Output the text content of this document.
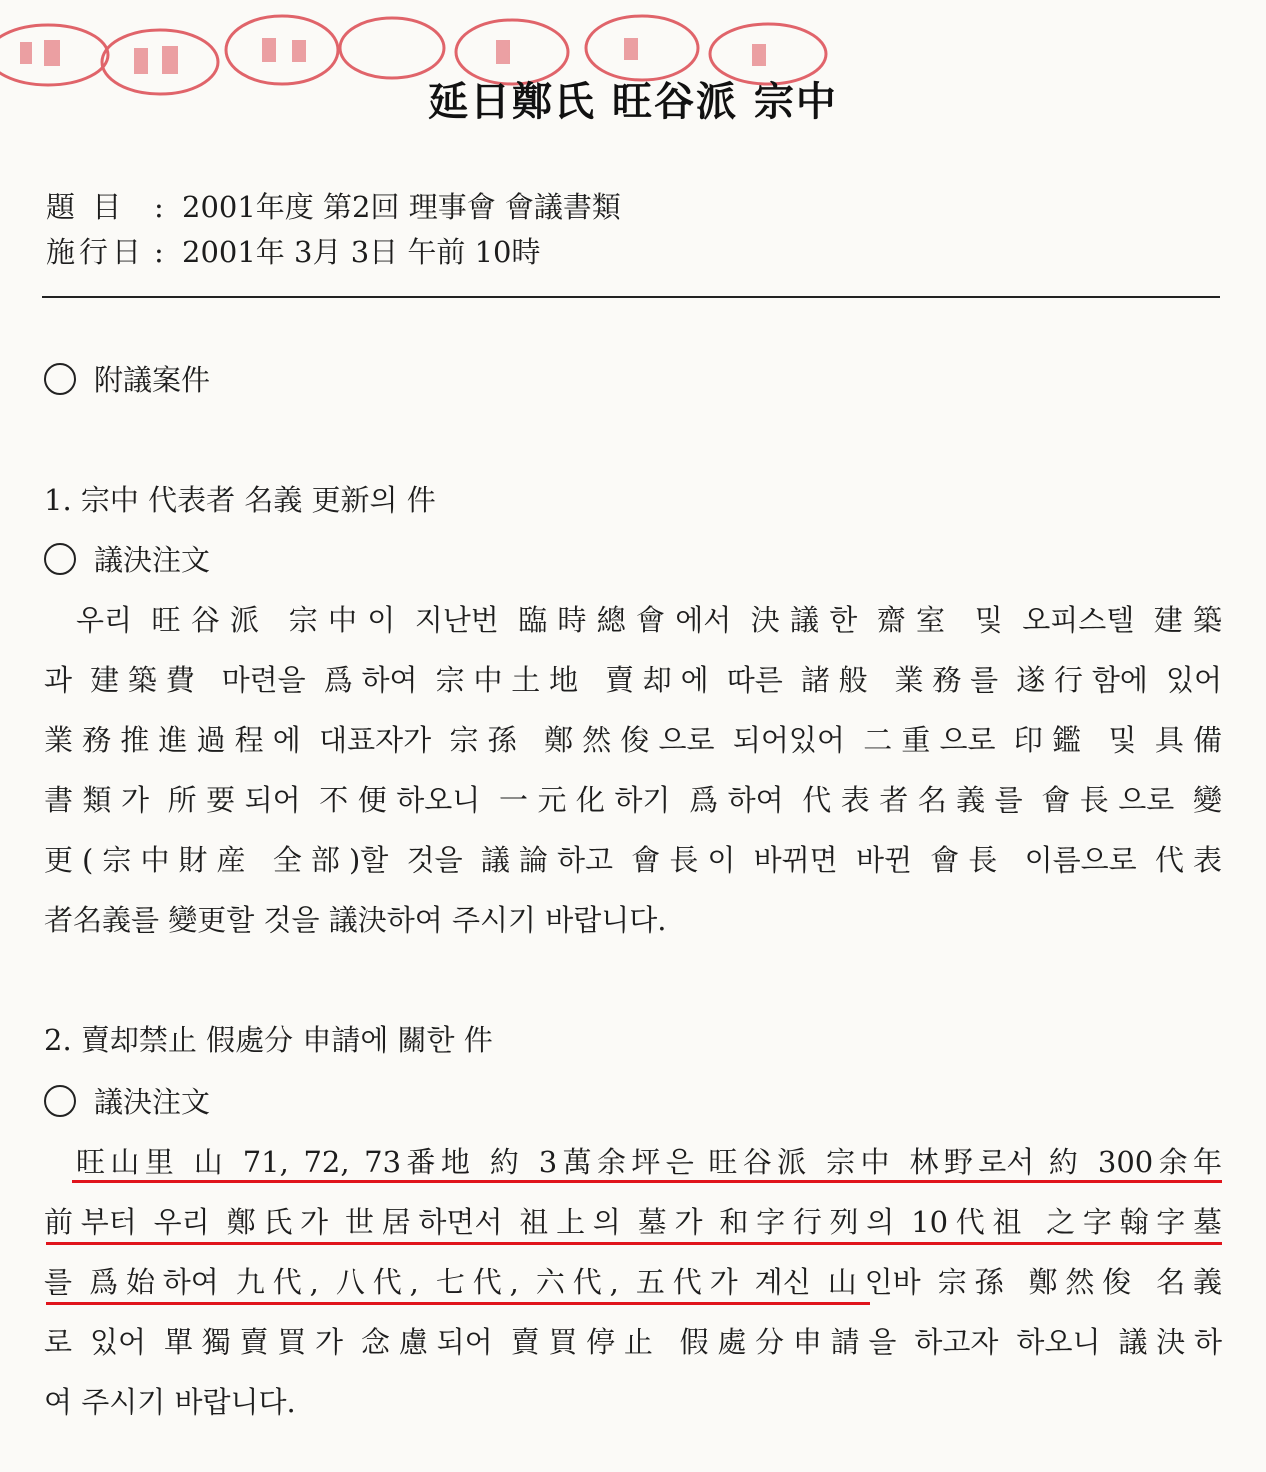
延日鄭氏 旺谷派 宗中
題 目 : 2001年度 第2回 理事會 會議書類
施行日 : 2001年 3月 3日 午前 10時
附議案件
1. 宗中 代表者 名義 更新의 件
議決注文
우리 旺谷派 宗中이 지난번 臨時總會에서 決議한 齋室 및 오피스텔 建築
과 建築費 마련을 爲하여 宗中土地 賣却에 따른 諸般 業務를 遂行함에 있어
業務推進過程에 대표자가 宗孫 鄭然俊으로 되어있어 二重으로 印鑑 및 具備
書類가 所要되어 不便하오니 一元化하기 爲하여 代表者名義를 會長으로 變
更(宗中財産 全部)할 것을 議論하고 會長이 바뀌면 바뀐 會長 이름으로 代表
者名義를 變更할 것을 議決하여 주시기 바랍니다.
2. 賣却禁止 假處分 申請에 關한 件
議決注文
旺山里 山 71, 72, 73番地 約 3萬余坪은 旺谷派 宗中 林野로서 約 300余年
前부터 우리 鄭氏가 世居하면서 祖上의 墓가 和字行列의 10代祖 之字翰字墓
를 爲始하여 九代, 八代, 七代, 六代, 五代가 계신 山인바 宗孫 鄭然俊 名義
로 있어 單獨賣買가 念慮되어 賣買停止 假處分申請을 하고자 하오니 議決하
여 주시기 바랍니다.
